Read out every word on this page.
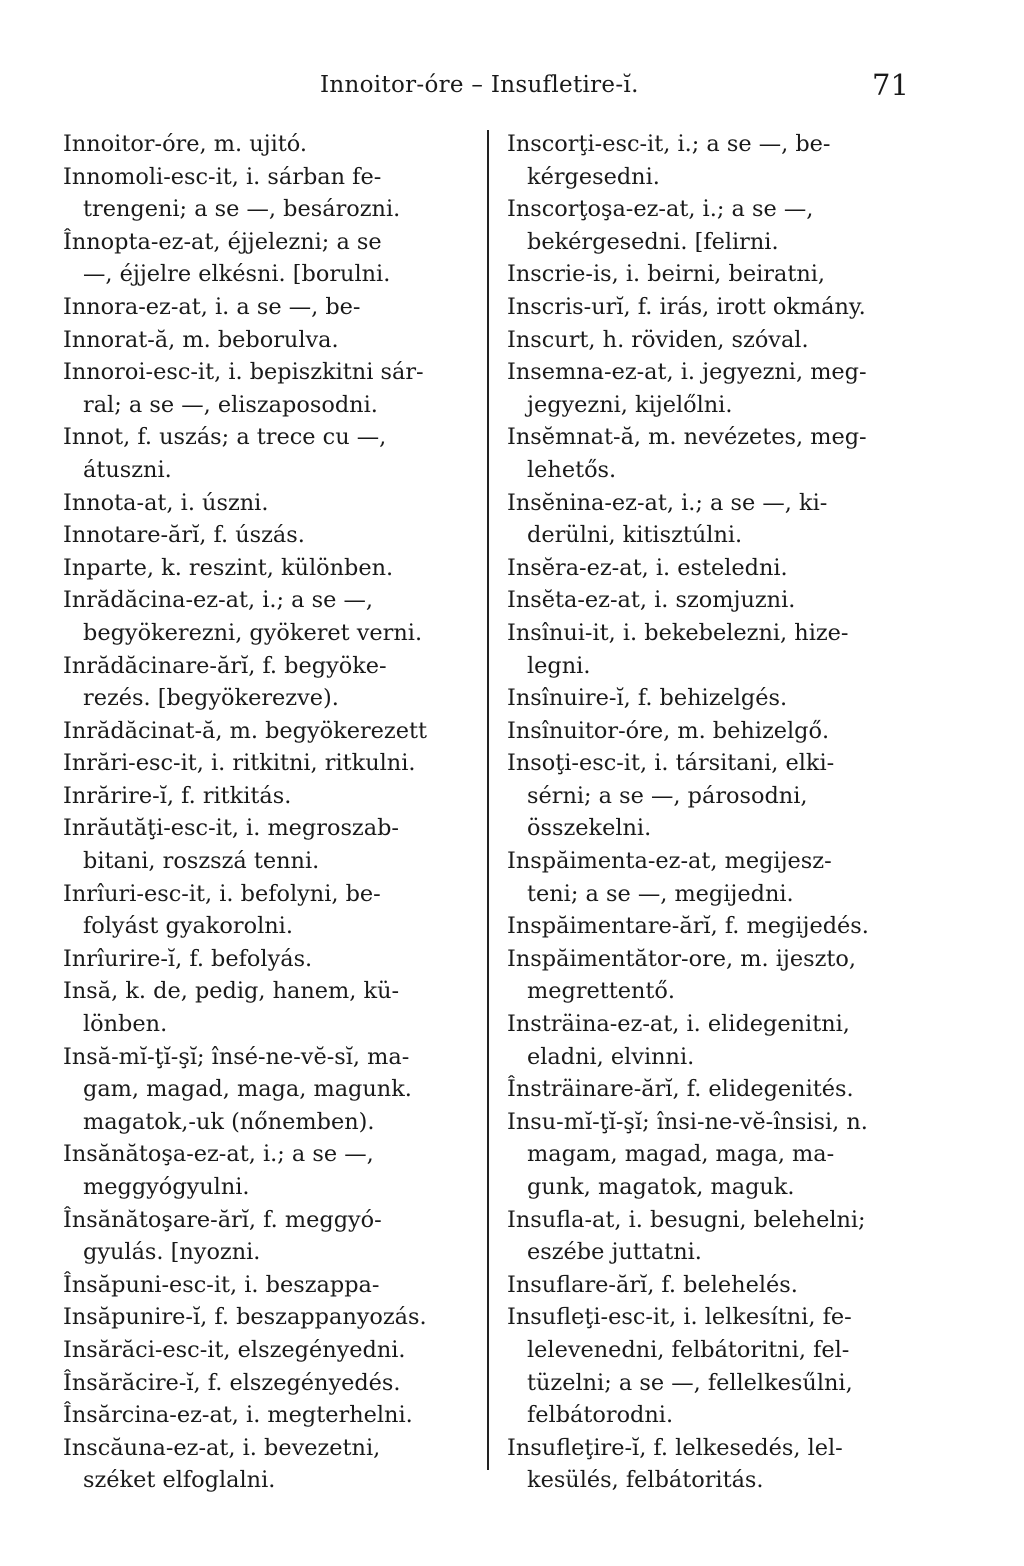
Innoitor-óre – Insufletire-ĭ.	71
Innoitor-óre, m. ujitó.
Innomoli-esc-it, i. sárban fe-
trengeni; a se —, besározni.
Înnopta-ez-at, éjjelezni; a se
—, éjjelre elkésni. [borulni.
Innora-ez-at, i. a se —, be-
Innorat-ă, m. beborulva.
Innoroi-esc-it, i. bepiszkitni sár-
ral; a se —, eliszaposodni.
Innot, f. uszás; a trece cu —,
átuszni.
Innota-at, i. úszni.
Innotare-ărĭ, f. úszás.
Inparte, k. reszint, különben.
Inrădăcina-ez-at, i.; a se —,
begyökerezni, gyökeret verni.
Inrădăcinare-ărĭ, f. begyöke-
rezés. [begyökerezve).
Inrădăcinat-ă, m. begyökerezett
Inrări-esc-it, i. ritkitni, ritkulni.
Inrărire-ĭ, f. ritkitás.
Inrăutăţi-esc-it, i. megroszab-
bitani, roszszá tenni.
Inrîuri-esc-it, i. befolyni, be-
folyást gyakorolni.
Inrîurire-ĭ, f. befolyás.
Insă, k. de, pedig, hanem, kü-
lönben.
Insă-mĭ-ţĭ-şĭ; însé-ne-vĕ-sĭ, ma-
gam, magad, maga, magunk.
magatok,-uk (nőnemben).
Insănătoşa-ez-at, i.; a se —,
meggyógyulni.
Însănătoşare-ărĭ, f. meggyó-
gyulás. [nyozni.
Însăpuni-esc-it, i. beszappa-
Insăpunire-ĭ, f. beszappanyozás.
Insărăci-esc-it, elszegényedni.
Însărăcire-ĭ, f. elszegényedés.
Însărcina-ez-at, i. megterhelni.
Inscăuna-ez-at, i. bevezetni,
széket elfoglalni.
Inscorţi-esc-it, i.; a se —, be-
kérgesedni.
Inscorţoşa-ez-at, i.; a se —,
bekérgesedni. [felirni.
Inscrie-is, i. beirni, beiratni,
Inscris-urĭ, f. irás, irott okmány.
Inscurt, h. röviden, szóval.
Insemna-ez-at, i. jegyezni, meg-
jegyezni, kijelőlni.
Insĕmnat-ă, m. nevézetes, meg-
lehetős.
Insĕnina-ez-at, i.; a se —, ki-
derülni, kitisztúlni.
Insĕra-ez-at, i. esteledni.
Insĕta-ez-at, i. szomjuzni.
Insînui-it, i. bekebelezni, hize-
legni.
Insînuire-ĭ, f. behizelgés.
Insînuitor-óre, m. behizelgő.
Insoţi-esc-it, i. társitani, elki-
sérni; a se —, párosodni,
összekelni.
Inspăimenta-ez-at, megijesz-
teni; a se —, megijedni.
Inspăimentare-ărĭ, f. megijedés.
Inspăimentător-ore, m. ijeszto,
megrettentő.
Insträina-ez-at, i. elidegenitni,
eladni, elvinni.
Însträinare-ărĭ, f. elidegenités.
Insu-mĭ-ţĭ-şĭ; însi-ne-vĕ-însisi, n.
magam, magad, maga, ma-
gunk, magatok, maguk.
Insufla-at, i. besugni, belehelni;
eszébe juttatni.
Insuflare-ărĭ, f. belehelés.
Insufleţi-esc-it, i. lelkesítni, fe-
lelevenedni, felbátoritni, fel-
tüzelni; a se —, fellelkesűlni,
felbátorodni.
Insufleţire-ĭ, f. lelkesedés, lel-
kesülés, felbátoritás.
